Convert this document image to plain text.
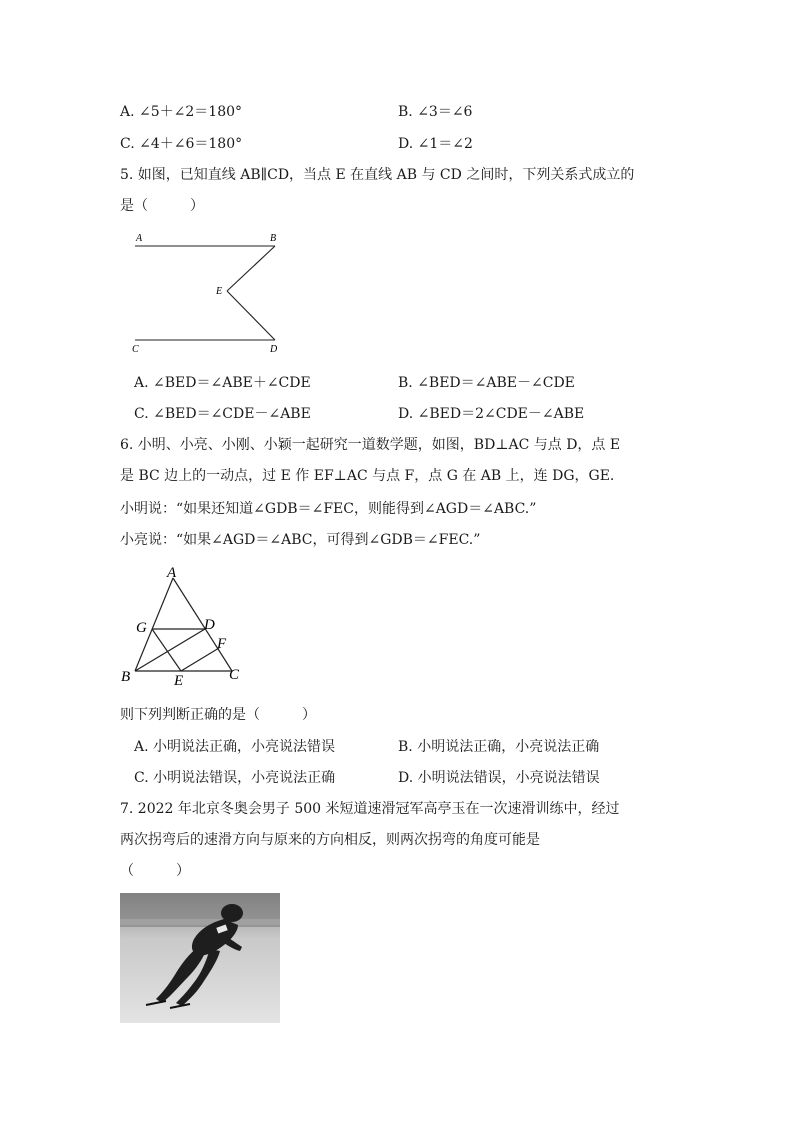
A. ∠5＋∠2＝180°	B. ∠3＝∠6
C. ∠4＋∠6＝180°	D. ∠1＝∠2
5. 如图，已知直线 AB∥CD，当点 E 在直线 AB 与 CD 之间时，下列关系式成立的
是（　　　）
A	B
E
C	D
A. ∠BED＝∠ABE＋∠CDE	B. ∠BED＝∠ABE－∠CDE
C. ∠BED＝∠CDE－∠ABE	D. ∠BED＝2∠CDE－∠ABE
6. 小明、小亮、小刚、小颖一起研究一道数学题，如图，BD⊥AC 与点 D，点 E
是 BC 边上的一动点，过 E 作 EF⊥AC 与点 F，点 G 在 AB 上，连 DG，GE.
小明说：“如果还知道∠GDB＝∠FEC，则能得到∠AGD＝∠ABC.”
小亮说：“如果∠AGD＝∠ABC，可得到∠GDB＝∠FEC.”
A
G	D
F
B	E	C
则下列判断正确的是（　　　）
A. 小明说法正确，小亮说法错误	B. 小明说法正确，小亮说法正确
C. 小明说法错误，小亮说法正确	D. 小明说法错误，小亮说法错误
7. 2022 年北京冬奥会男子 500 米短道速滑冠军高亭玉在一次速滑训练中，经过
两次拐弯后的速滑方向与原来的方向相反，则两次拐弯的角度可能是
（　　　）
